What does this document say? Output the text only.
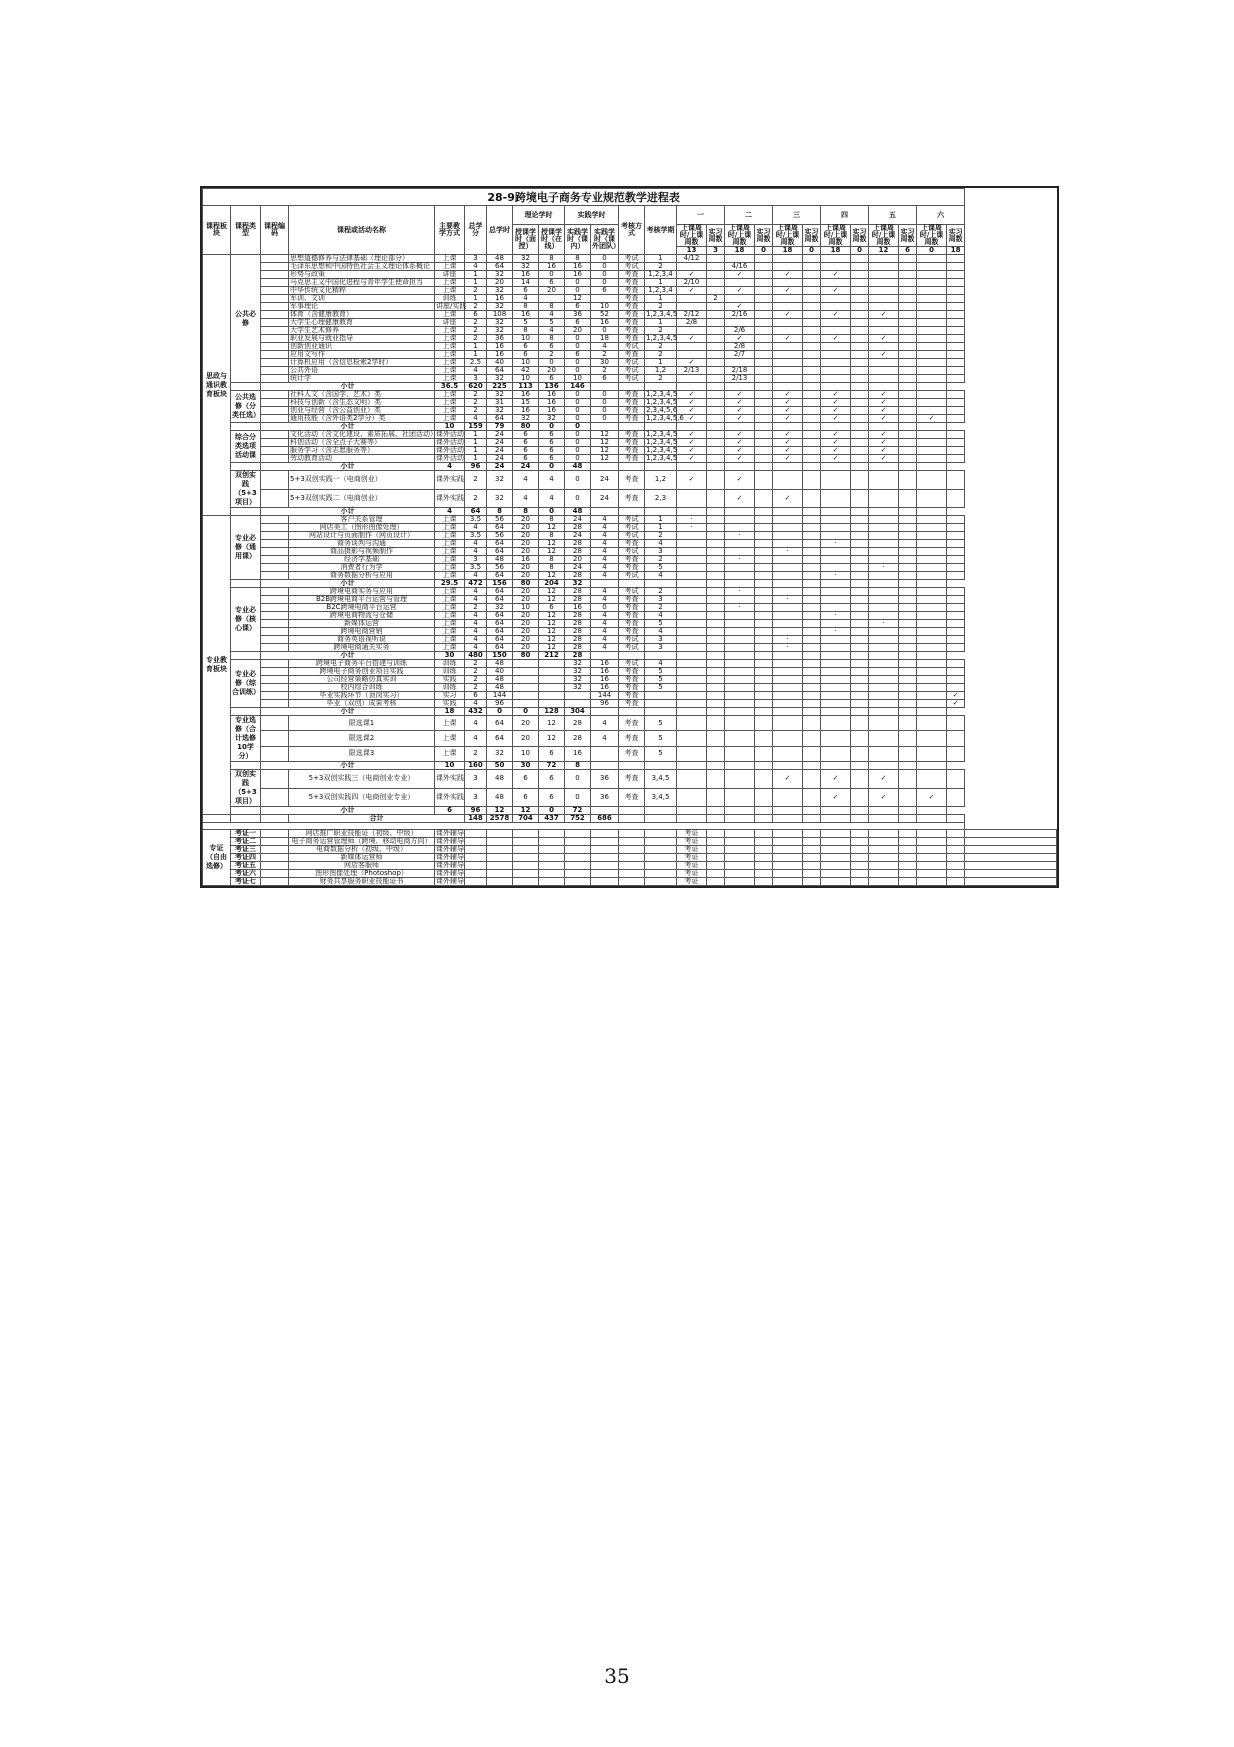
28-9跨境电子商务专业规范教学进程表																									
课程板块	课程类型	课程编码	课程或活动名称	主要教学方式	总学分	总学时	理论学时		实践学时		考核方式	考核学期	一		二		三		四		五		六		
							授课学时（面授）	授课学时（在线）	实践学时（课内）	实践学时（课外团队）			上课周时/上课周数	实习周数	上课周时/上课周数	实习周数	上课周时/上课周数	实习周数	上课周时/上课周数	实习周数	上课周时/上课周数	实习周数	上课周时/上课周数	实习周数	
													13	3	18	0	18	0	18	0	12	6	0	18	
思政与通识教育板块	公共必修		思想道德修养与法律基础（理论部分）	上课	3	48	32	8	8	0	考试	1	4/12												
			毛泽东思想和中国特色社会主义理论体系概论	上课	4	64	32	16	16	0	考试	2			4/16										
			形势与政策	讲座	1	32	16	0	16	0	考查	1,2,3,4	✓		✓		✓		✓						
			马克思主义中国化进程与青年学生使命担当	上课	1	20	14	6	0	0	考查	1	2/10												
			中华传统文化精粹	上课	2	32	6	20	0	6	考查	1,2,3,4	✓		✓		✓		✓						
			军训、文训	训练	1	16	4		12		考查	1		2											
			军事理论	讲座/实践	2	32	8	8	6	10	考查	2			✓										
			体育（含健康教育）	上课	6	108	16	4	36	52	考查	1,2,3,4,5	2/12		2/16		✓		✓		✓				
			大学生心理健康教育	讲座	2	32	5	5	6	16	考查	1	2/8												
			大学生艺术修养	上课	2	32	8	4	20	0	考查	2			2/6										
			职业发展与就业指导	上课	2	36	10	8	0	18	考查	1,2,3,4,5	✓		✓		✓		✓		✓				
			创新创业通识	上课	1	16	6	6	0	4	考试	2			2/8										
			应用文写作	上课	1	16	6	2	6	2	考查	2			2/7						✓				
			计算机应用（含信息检索2学时）	上课	2.5	40	10	0	0	30	考试	1	✓												
			公共外语	上课	4	64	42	20	0	2	考试	1,2	2/13		2/18										
			统计学	上课	3	32	10	6	10	6	考试	2			2/13										
		小计		36.5	620	225	113	136	146																
	公共选修（分类任选）		社科人文（含国学、艺术）类	上课	2	32	16	16	0	0	考查	1,2,3,4,5	✓		✓		✓		✓		✓				
			科技与创新（含生态文明）类	上课	2	31	15	16	0	0	考查	1,2,3,4,5	✓		✓		✓		✓		✓				
			创业与经营（含公益创业）类	上课	2	32	16	16	0	0	考查	2,3,4,5,6	✓		✓		✓		✓		✓				
			通用技能（含外语类2学分）类	上课	4	64	32	32	0	0	考查	1,2,3,4,5,6	✓		✓		✓		✓		✓		✓		
		小计		10	159	79	80	0	0																
	综合分类选项活动课		文化活动（含文化建设、素质拓展、社团活动）	课外活动	1	24	6	6	0	12	考查	1,2,3,4,5	✓		✓		✓		✓		✓				
			科创活动（含全点子大赛等）	课外活动	1	24	6	6	0	12	考查	1,2,3,4,5	✓		✓		✓		✓		✓				
			服务学习（含志愿服务等）	课外活动	1	24	6	6	0	12	考查	1,2,3,4,5	✓		✓		✓		✓		✓				
			劳动教育活动	课外活动	1	24	6	6	0	12	考查	1,2,3,4,5	✓		✓		✓		✓		✓				
		小计		4	96	24	24	0	48																
	双创实践（5+3项目）		5+3双创实践一（电商创业）	课外实践	2	32	4	4	0	24	考查	1,2	✓		✓										
			5+3双创实践二（电商创业）	课外实践	2	32	4	4	0	24	考查	2,3			✓		✓								
		小计		4	64	8	8	0	48																
专业教育板块	专业必修（通用课）		客户关系管理	上课	3.5	56	20	8	24	4	考试	1	·												
			网店美工（图形图像处理）	上课	4	64	20	12	28	4	考试	1	·												
			网站设计与页面制作（网页设计）	上课	3.5	56	20	8	24	4	考试	2			·										
			商务谈判与沟通	上课	4	64	20	12	28	4	考查	4							·						
			商品摄影与视频制作	上课	4	64	20	12	28	4	考试	3					·								
			经济学基础	上课	3	48	16	8	20	4	考查	2			·										
			消费者行为学	上课	3.5	56	20	8	24	4	考查	5									·				
			商务数据分析与应用	上课	4	64	20	12	28	4	考试	4							·						
		小计		29.5	472	156	80	204	32																
	专业必修（核心课）		跨境电商实务与应用	上课	4	64	20	12	28	4	考试	2			·										
			B2B跨境电商平台运营与管理	上课	4	64	20	12	28	4	考查	3					·								
			B2C跨境电商平台运营	上课	2	32	10	6	16	0	考查	2			·										
			跨境电商物流与仓储	上课	4	64	20	12	28	4	考查	4							·						
			新媒体运营	上课	4	64	20	12	28	4	考查	5									·				
			跨境电商营销	上课	4	64	20	12	28	4	考查	4							·						
			商务英语视听说	上课	4	64	20	12	28	4	考试	3					·								
			跨境电商通关实务	上课	4	64	20	12	28	4	考试	3					·								
		小计		30	480	150	80	212	28																
	专业必修（综合训练）		跨境电子商务平台搭建与训练	训练	2	48			32	16	考试	4													
			跨境电子商务创业项目实践	训练	2	40			32	16	考查	5													
			公司经营策略仿真实训	实践	2	48			32	16	考查	5													
			校内综合训练	训练	2	48			32	16	考查	5													
			毕业实践环节（顶岗实习）	实习	6	144				144	考查													✓	
			毕业（双创）成果考核	实践	4	96				96	考查													✓	
		小计		18	432	0	0	128	304																
	专业选修（合计选修10学分）		限选课1	上课	4	64	20	12	28	4	考查	5													
			限选课2	上课	4	64	20	12	28	4	考查	5													
			限选课3	上课	2	32	10	6	16		考查	5													
		小计		10	160	50	30	72	8																
	双创实践（5+3项目）		5+3双创实践三（电商创业专业）	课外实践	3	48	6	6	0	36	考查	3,4,5					✓		✓		✓				
			5+3双创实践四（电商创业专业）	课外实践	3	48	6	6	0	36	考查	3,4,5							✓		✓		✓		
		小计		6	96	12	12	0	72																
			合计		148	2578	704	437	752	686															

专证（自由选修）	考证一		网店推广职业技能证（初级、中级）	课外辅导									考证												
	考证二		电子商务运营管理师（跨境、移动电商方向）	课外辅导									考证												
	考证三		电商数据分析（初级、中级）	课外辅导									考证												
	考证四		新媒体运营师	课外辅导									考证												
	考证五		网店客服师	课外辅导									考证												
	考证六		图形图像处理（Photoshop）	课外辅导									考证												
	考证七		财务共享服务职业技能证书	课外辅导									考证												
35
